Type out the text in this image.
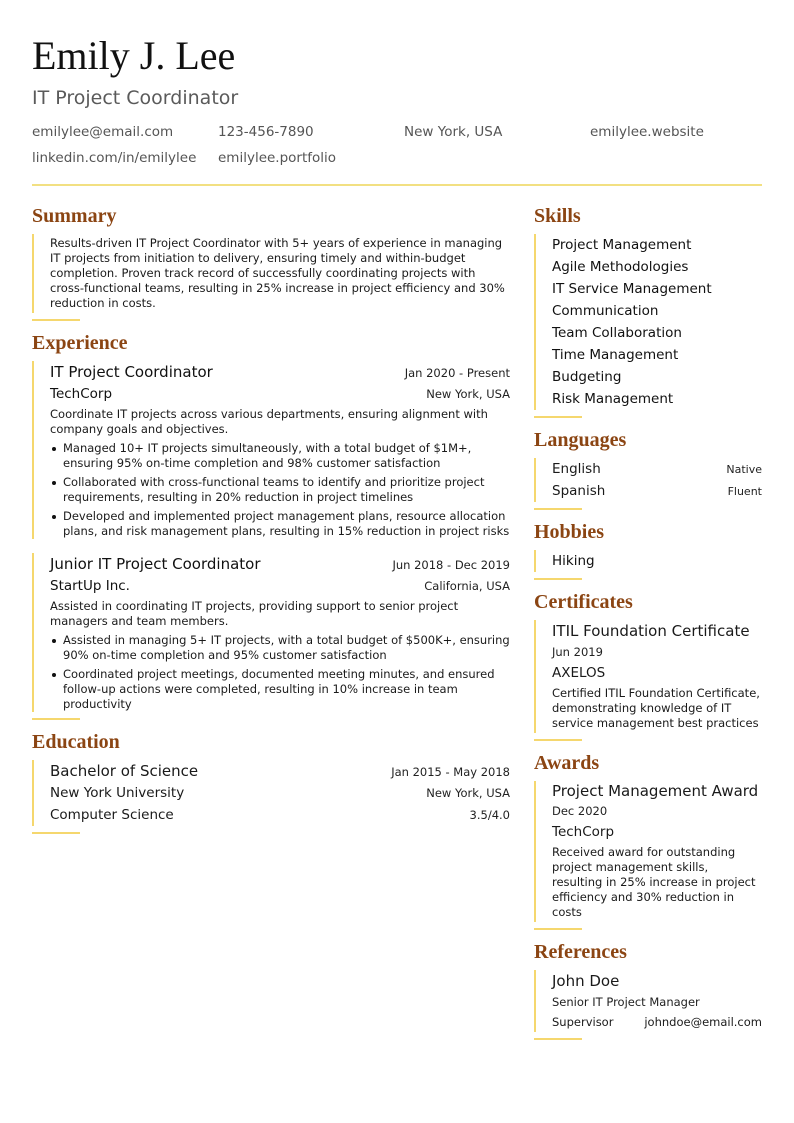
Emily J. Lee
IT Project Coordinator
emilylee@email.com	123-456-7890	New York, USA	emilylee.website
linkedin.com/in/emilylee	emilylee.portfolio
Summary

Results-driven IT Project Coordinator with 5+ years of experience in managing IT projects from initiation to delivery, ensuring timely and within-budget completion. Proven track record of successfully coordinating projects with cross-functional teams, resulting in 25% increase in project efficiency and 30% reduction in costs.

Experience
IT Project Coordinator	Jan 2020 - Present
TechCorp	New York, USA

Coordinate IT projects across various departments, ensuring alignment with company goals and objectives.

Managed 10+ IT projects simultaneously, with a total budget of $1M+, ensuring 95% on-time completion and 98% customer satisfaction
Collaborated with cross-functional teams to identify and prioritize project requirements, resulting in 20% reduction in project timelines
Developed and implemented project management plans, resource allocation plans, and risk management plans, resulting in 15% reduction in project risks
Junior IT Project Coordinator	Jun 2018 - Dec 2019
StartUp Inc.	California, USA

Assisted in coordinating IT projects, providing support to senior project managers and team members.

Assisted in managing 5+ IT projects, with a total budget of $500K+, ensuring 90% on-time completion and 95% customer satisfaction
Coordinated project meetings, documented meeting minutes, and ensured follow-up actions were completed, resulting in 10% increase in team productivity
Education
Bachelor of Science	Jan 2015 - May 2018
New York University	New York, USA
Computer Science	3.5/4.0
Skills
Project Management
Agile Methodologies
IT Service Management
Communication
Team Collaboration
Time Management
Budgeting
Risk Management
Languages
English	Native
Spanish	Fluent
Hobbies
Hiking
Certificates
ITIL Foundation Certificate
Jun 2019
AXELOS

Certified ITIL Foundation Certificate, demonstrating knowledge of IT service management best practices

Awards
Project Management Award
Dec 2020
TechCorp

Received award for outstanding project management skills, resulting in 25% increase in project efficiency and 30% reduction in costs

References
John Doe
Senior IT Project Manager
Supervisor	johndoe@email.com
